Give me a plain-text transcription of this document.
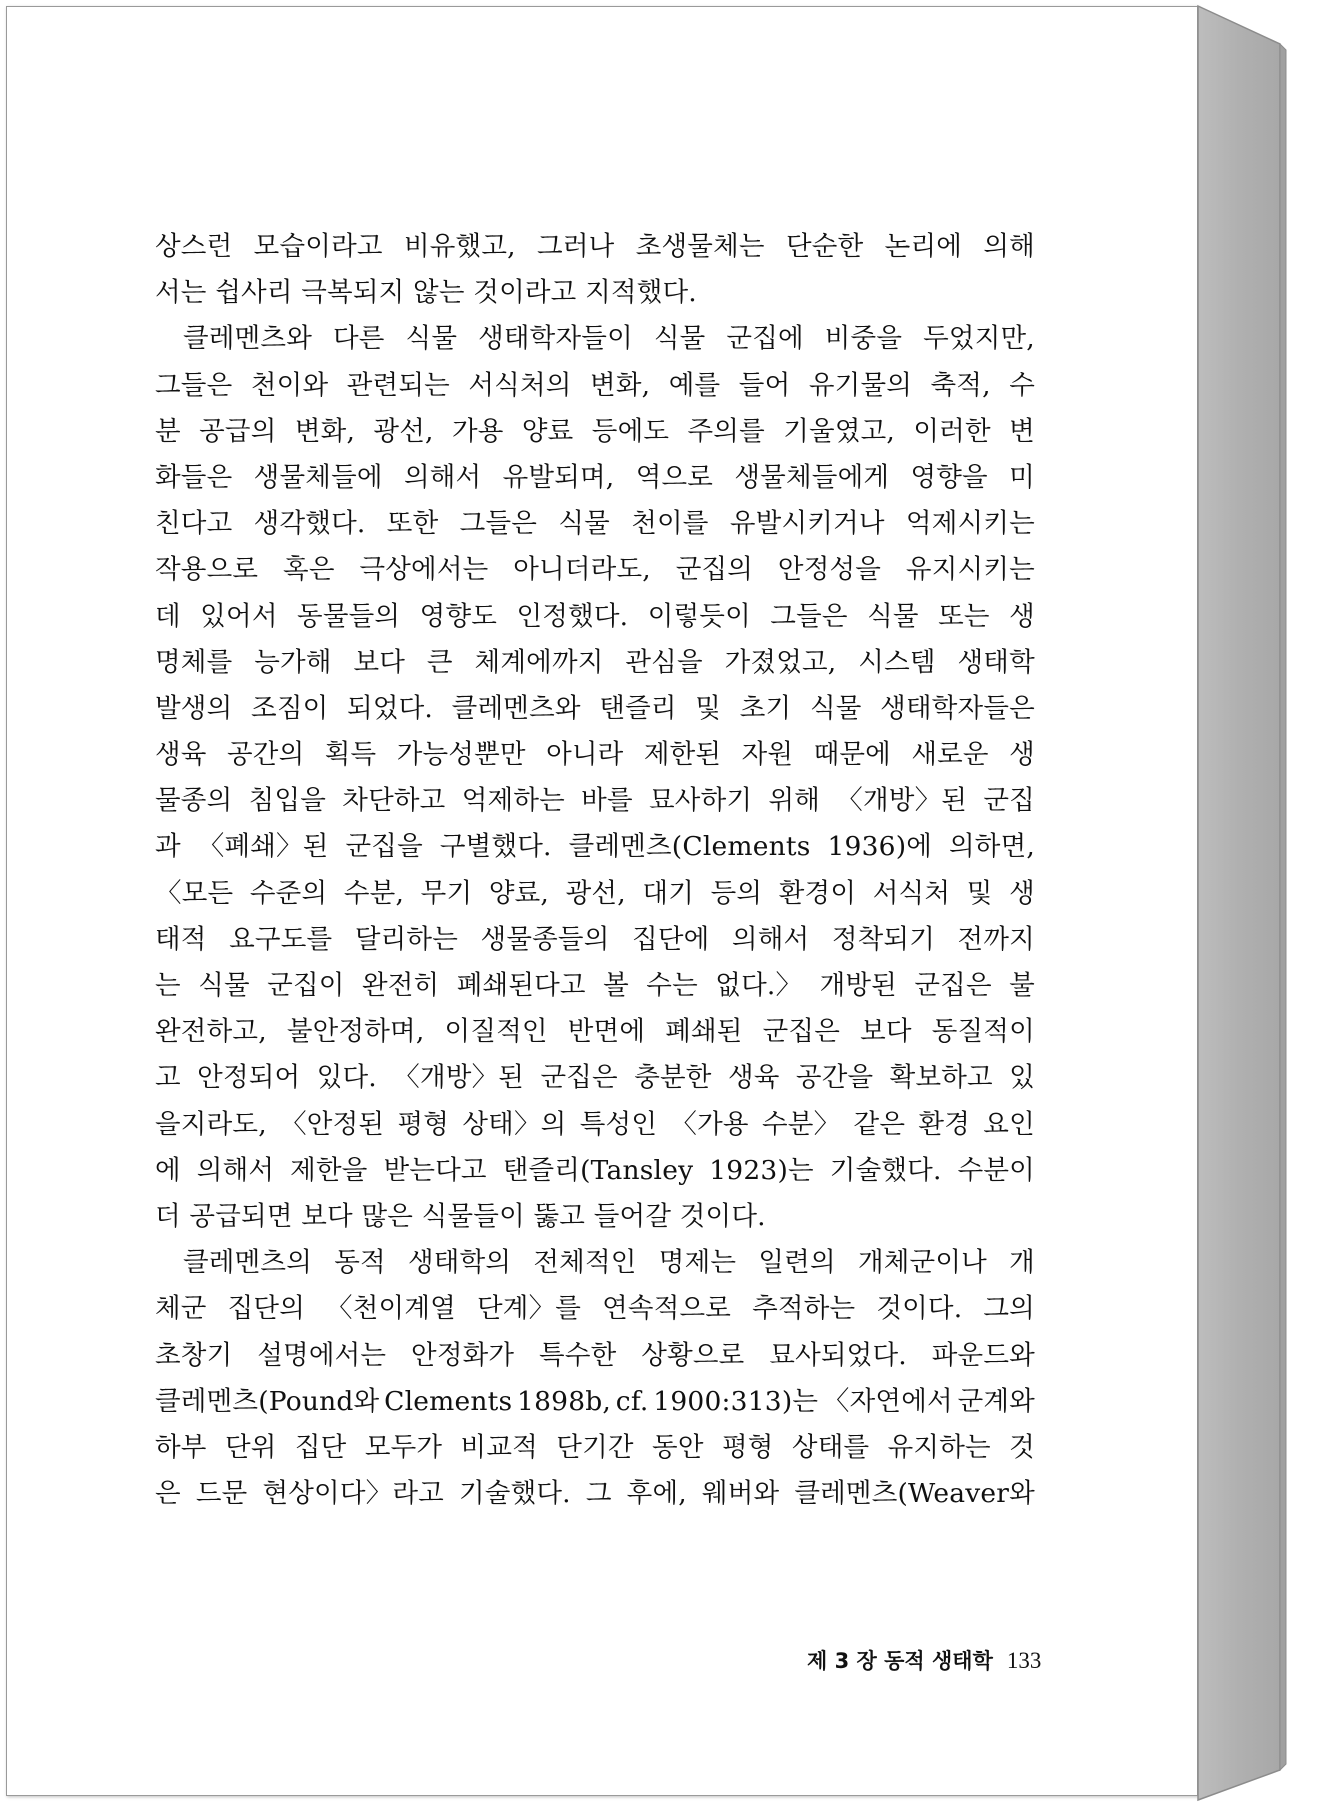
상스런 모습이라고 비유했고, 그러나 초생물체는 단순한 논리에 의해
서는 쉽사리 극복되지 않는 것이라고 지적했다.
클레멘츠와 다른 식물 생태학자들이 식물 군집에 비중을 두었지만,
그들은 천이와 관련되는 서식처의 변화, 예를 들어 유기물의 축적, 수
분 공급의 변화, 광선, 가용 양료 등에도 주의를 기울였고, 이러한 변
화들은 생물체들에 의해서 유발되며, 역으로 생물체들에게 영향을 미
친다고 생각했다. 또한 그들은 식물 천이를 유발시키거나 억제시키는
작용으로 혹은 극상에서는 아니더라도, 군집의 안정성을 유지시키는
데 있어서 동물들의 영향도 인정했다. 이렇듯이 그들은 식물 또는 생
명체를 능가해 보다 큰 체계에까지 관심을 가졌었고, 시스템 생태학
발생의 조짐이 되었다. 클레멘츠와 탠즐리 및 초기 식물 생태학자들은
생육 공간의 획득 가능성뿐만 아니라 제한된 자원 때문에 새로운 생
물종의 침입을 차단하고 억제하는 바를 묘사하기 위해 〈개방〉된 군집
과 〈폐쇄〉된 군집을 구별했다. 클레멘츠(Clements 1936)에 의하면,
〈모든 수준의 수분, 무기 양료, 광선, 대기 등의 환경이 서식처 및 생
태적 요구도를 달리하는 생물종들의 집단에 의해서 정착되기 전까지
는 식물 군집이 완전히 폐쇄된다고 볼 수는 없다.〉 개방된 군집은 불
완전하고, 불안정하며, 이질적인 반면에 폐쇄된 군집은 보다 동질적이
고 안정되어 있다. 〈개방〉된 군집은 충분한 생육 공간을 확보하고 있
을지라도, 〈안정된 평형 상태〉의 특성인 〈가용 수분〉 같은 환경 요인
에 의해서 제한을 받는다고 탠즐리(Tansley 1923)는 기술했다. 수분이
더 공급되면 보다 많은 식물들이 뚫고 들어갈 것이다.
클레멘츠의 동적 생태학의 전체적인 명제는 일련의 개체군이나 개
체군 집단의 〈천이계열 단계〉를 연속적으로 추적하는 것이다. 그의
초창기 설명에서는 안정화가 특수한 상황으로 묘사되었다. 파운드와
클레멘츠(Pound와 Clements 1898b, cf. 1900:313)는 〈자연에서 군계와
하부 단위 집단 모두가 비교적 단기간 동안 평형 상태를 유지하는 것
은 드문 현상이다〉라고 기술했다. 그 후에, 웨버와 클레멘츠(Weaver와
제 3 장 동적 생태학 133
